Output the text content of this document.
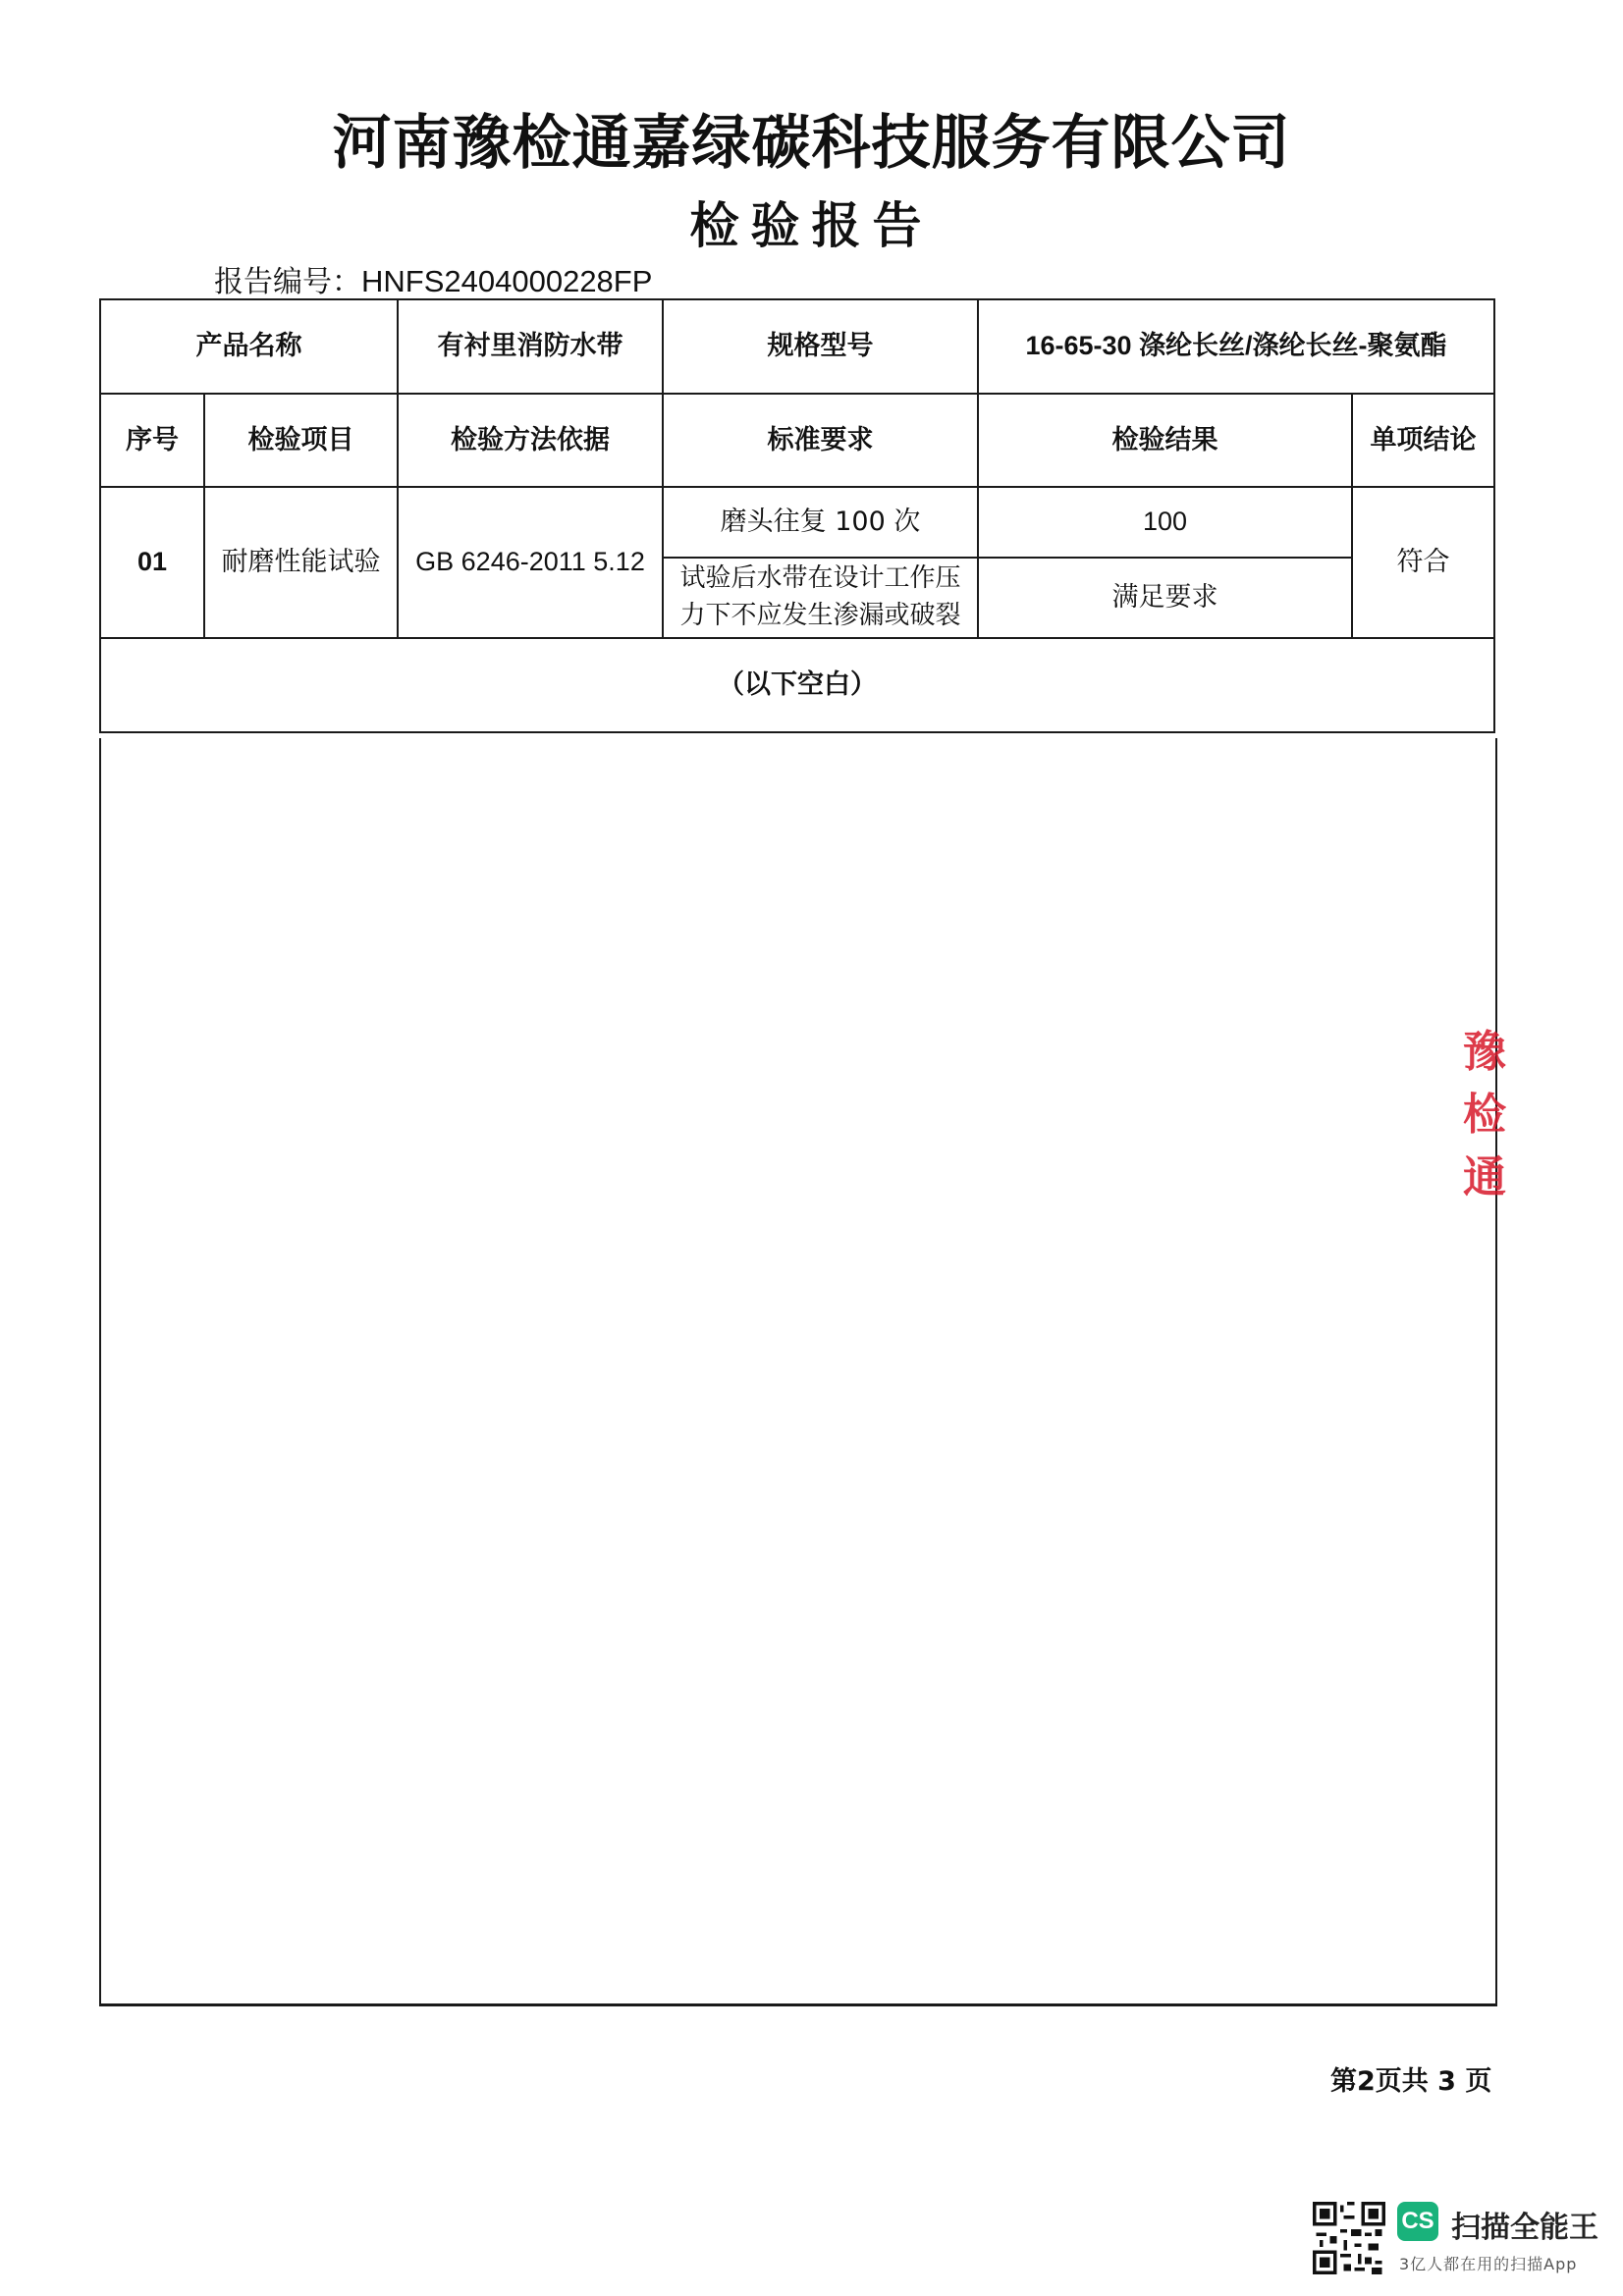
河南豫检通嘉绿碳科技服务有限公司
检验报告
报告编号：HNFS2404000228FP
产品名称		有衬里消防水带	规格型号	16-65-30 涤纶长丝/涤纶长丝-聚氨酯	
序号	检验项目	检验方法依据	标准要求	检验结果	单项结论
01	耐磨性能试验	GB 6246-2011 5.12	磨头往复 100 次	100	符合
			试验后水带在设计工作压力下不应发生渗漏或破裂	满足要求	
（以下空白）					
第2页共 3 页
豫
检
通
CS 扫描全能王
3亿人都在用的扫描App
